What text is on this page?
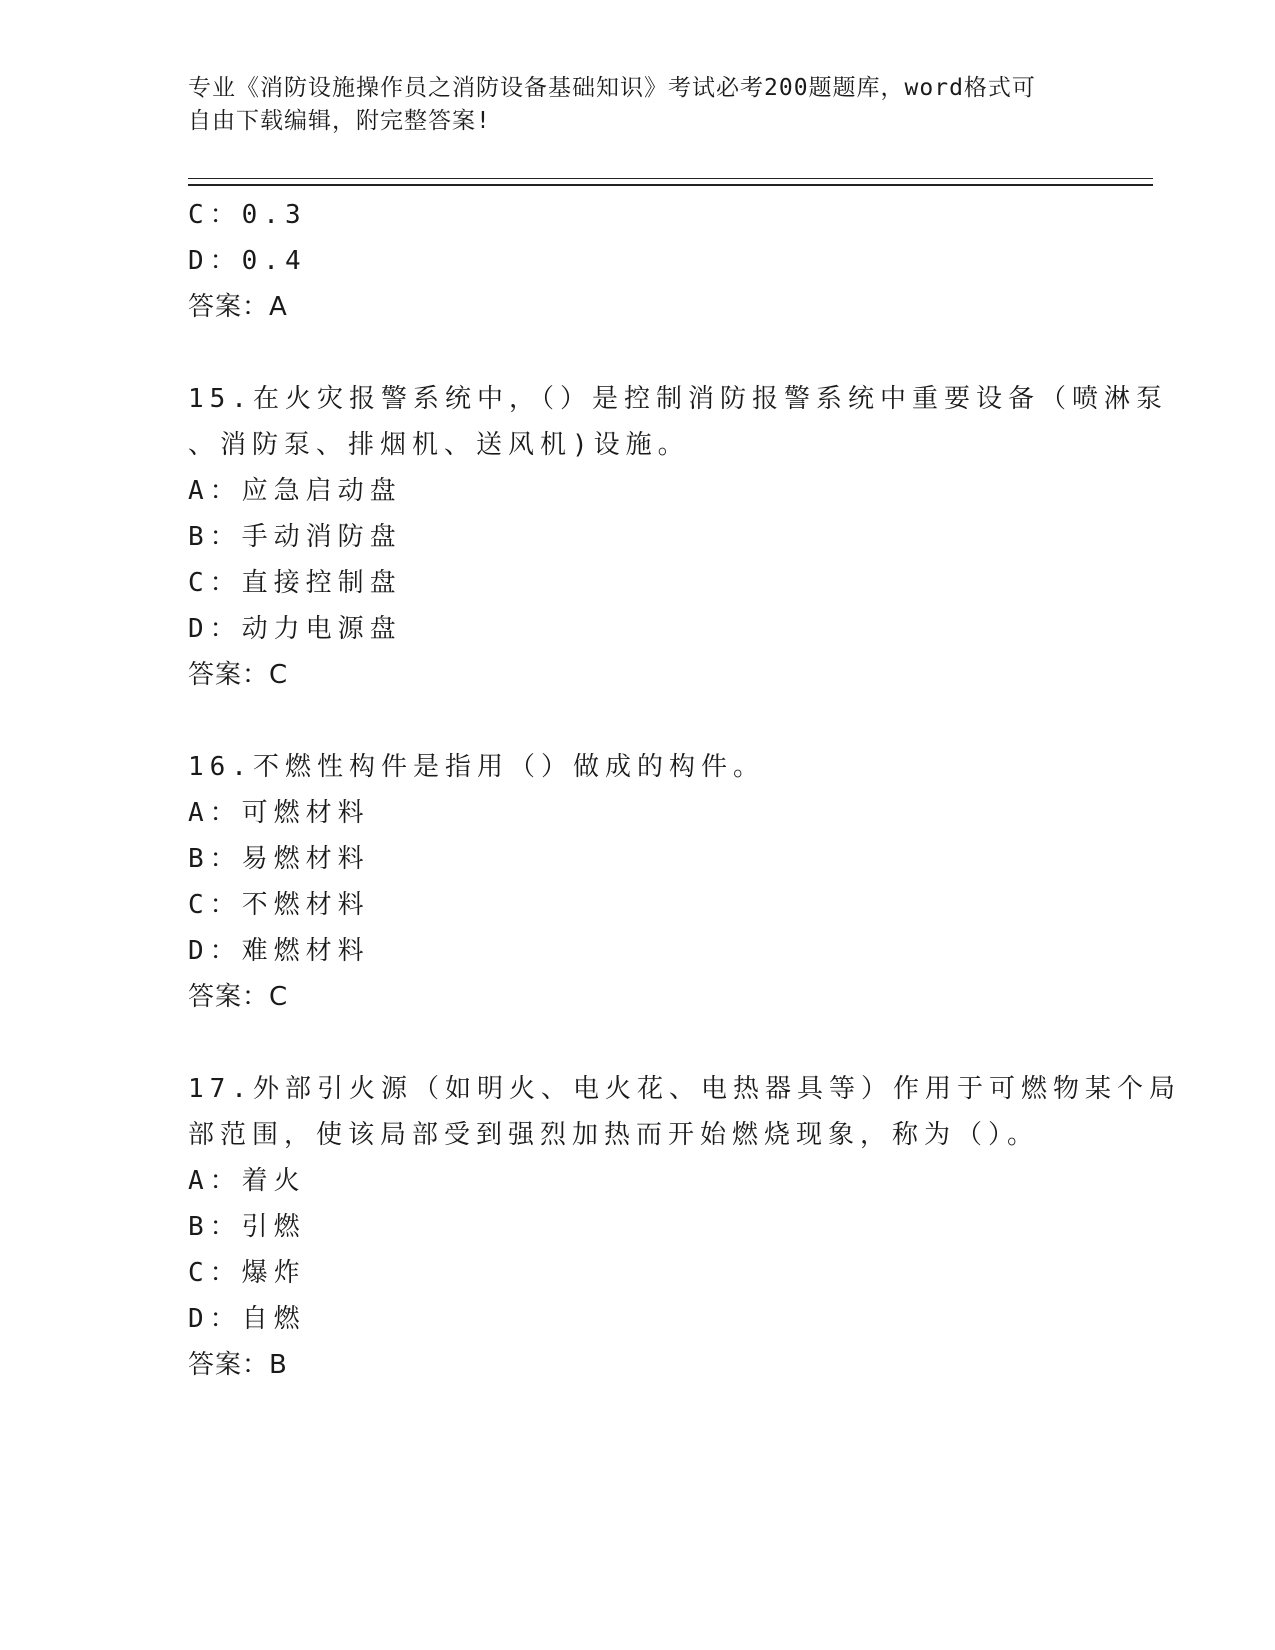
专业《消防设施操作员之消防设备基础知识》考试必考200题题库，word格式可
自由下载编辑，附完整答案!
C：0.3
D：0.4
答案：A
15.在火灾报警系统中，（）是控制消防报警系统中重要设备（喷淋泵
、消防泵、排烟机、送风机)设施。
A：应急启动盘
B：手动消防盘
C：直接控制盘
D：动力电源盘
答案：C
16.不燃性构件是指用（）做成的构件。
A：可燃材料
B：易燃材料
C：不燃材料
D：难燃材料
答案：C
17.外部引火源（如明火、电火花、电热器具等）作用于可燃物某个局
部范围，使该局部受到强烈加热而开始燃烧现象，称为（）。
A：着火
B：引燃
C：爆炸
D：自燃
答案：B
